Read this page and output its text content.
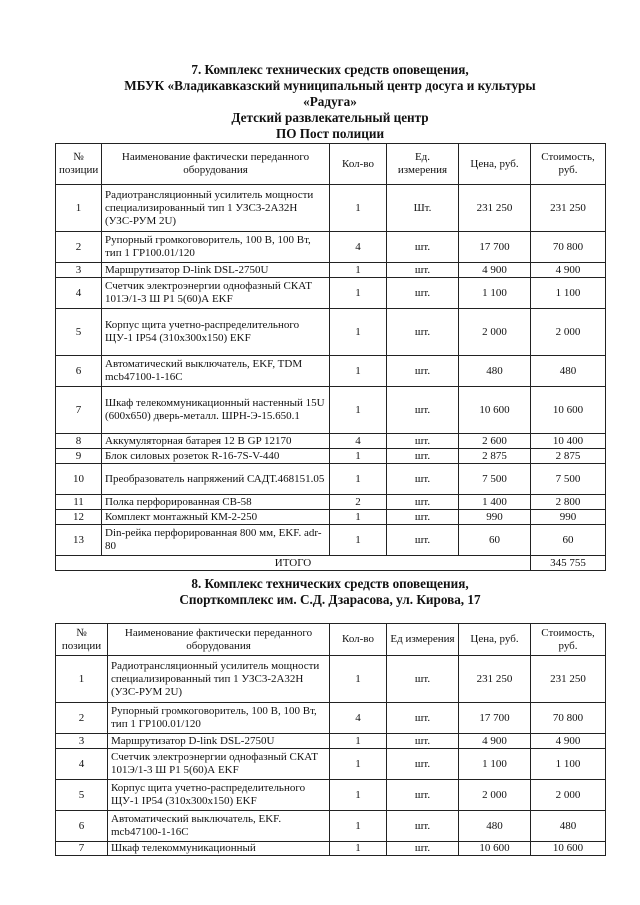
7. Комплекс технических средств оповещения,
МБУК «Владикавказский муниципальный центр досуга и культуры
«Радуга»
Детский развлекательный центр
ПО Пост полиции
№ позиции	Наименование фактически переданного оборудования	Кол-во	Ед. измерения	Цена, руб.	Стоимость, руб.
1	Радиотрансляционный усилитель мощности специализированный тип 1 УЗС3-2А32Н (УЗС-РУМ 2U)	1	Шт.	231 250	231 250
2	Рупорный громкоговоритель, 100 В, 100 Вт, тип 1 ГР100.01/120	4	шт.	17 700	70 800
3	Маршрутизатор D-link DSL-2750U	1	шт.	4 900	4 900
4	Счетчик электроэнергии однофазный СКАТ 101Э/1-3 Ш Р1 5(60)А EKF	1	шт.	1 100	1 100
5	Корпус щита учетно-распределительного ЩУ-1 IP54 (310х300х150) EKF	1	шт.	2 000	2 000
6	Автоматический выключатель, EKF, TDM mcb47100-1-16C	1	шт.	480	480
7	Шкаф телекоммуникационный настенный 15U (600х650) дверь-металл. ШРН-Э-15.650.1	1	шт.	10 600	10 600
8	Аккумуляторная батарея 12 В GP 12170	4	шт.	2 600	10 400
9	Блок силовых розеток R-16-7S-V-440	1	шт.	2 875	2 875
10	Преобразователь напряжений САДТ.468151.05	1	шт.	7 500	7 500
11	Полка перфорированная СВ-58	2	шт.	1 400	2 800
12	Комплект монтажный КМ-2-250	1	шт.	990	990
13	Din-рейка перфорированная 800 мм, EKF. adr-80	1	шт.	60	60
ИТОГО					345 755
8. Комплекс технических средств оповещения,
Спорткомплекс им. С.Д. Дзарасова, ул. Кирова, 17
№ позиции	Наименование фактически переданного оборудования	Кол-во	Ед измерения	Цена, руб.	Стоимость, руб.
1	Радиотрансляционный усилитель мощности специализированный тип 1 УЗС3-2А32Н (УЗС-РУМ 2U)	1	шт.	231 250	231 250
2	Рупорный громкоговоритель, 100 В, 100 Вт, тип 1 ГР100.01/120	4	шт.	17 700	70 800
3	Маршрутизатор D-link DSL-2750U	1	шт.	4 900	4 900
4	Счетчик электроэнергии однофазный СКАТ 101Э/1-3 Ш Р1 5(60)А EKF	1	шт.	1 100	1 100
5	Корпус щита учетно-распределительного ЩУ-1 IP54 (310х300х150) EKF	1	шт.	2 000	2 000
6	Автоматический выключатель, EKF. mcb47100-1-16C	1	шт.	480	480
7	Шкаф телекоммуникационный	1	шт.	10 600	10 600
